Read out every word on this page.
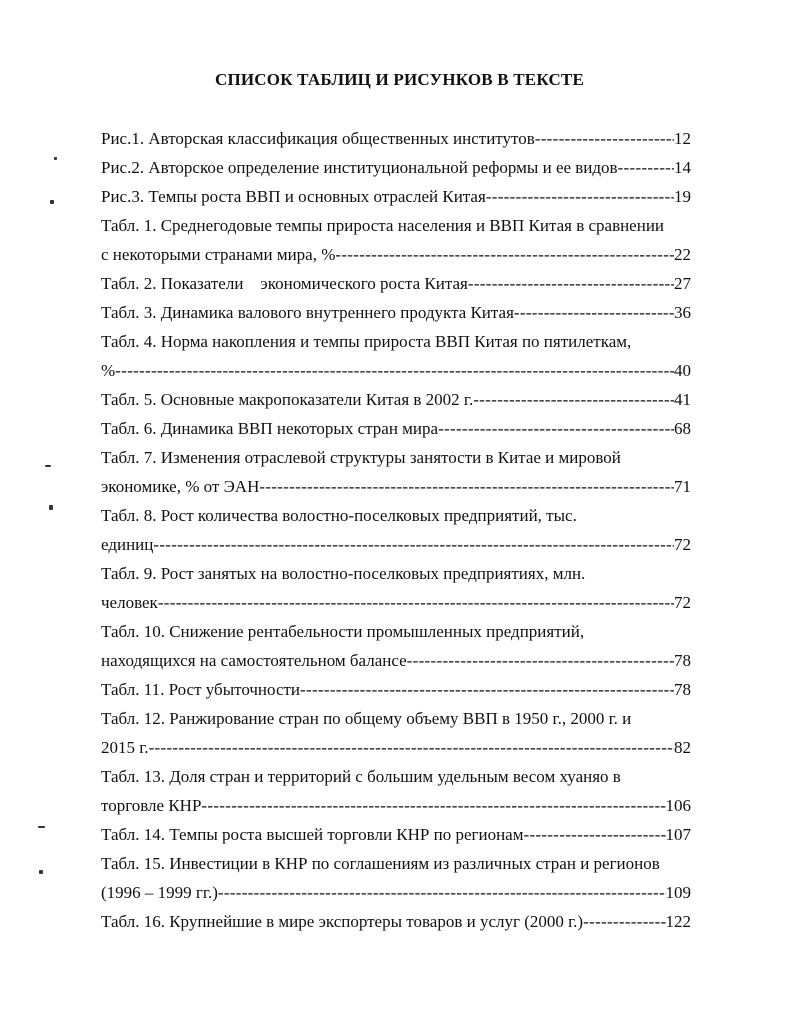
СПИСОК ТАБЛИЦ И РИСУНКОВ В ТЕКСТЕ
Рис.1. Авторская классификация общественных институтов -----	12
Рис.2. Авторское определение институциональной реформы и ее видов -----	14
Рис.3. Темпы роста ВВП и основных отраслей Китая -----	19
Табл. 1. Среднегодовые темпы прироста населения и ВВП Китая в сравнении
с некоторыми странами мира, % -----	22
Табл. 2. Показатели    экономического роста Китая -----	27
Табл. 3. Динамика валового внутреннего продукта Китая -----	36
Табл. 4. Норма накопления и темпы прироста ВВП Китая по пятилеткам,
% -----	40
Табл. 5. Основные макропоказатели Китая в 2002 г. -----	41
Табл. 6. Динамика ВВП некоторых стран мира -----	68
Табл. 7. Изменения отраслевой структуры занятости в Китае и мировой
экономике, % от ЭАН -----	71
Табл. 8. Рост количества волостно-поселковых предприятий, тыс.
единиц -----	72
Табл. 9. Рост занятых на волостно-поселковых предприятиях, млн.
человек -----	72
Табл. 10. Снижение рентабельности промышленных предприятий,
находящихся на самостоятельном балансе -----	78
Табл. 11. Рост убыточности -----	78
Табл. 12. Ранжирование стран по общему объему ВВП в 1950 г., 2000 г. и
2015 г. -----	82
Табл. 13. Доля стран и территорий с большим удельным весом хуаняо в
торговле КНР -----	106
Табл. 14. Темпы роста высшей торговли КНР по регионам -----	107
Табл. 15. Инвестиции в КНР по соглашениям из различных стран и регионов
(1996 – 1999 гг.) -----	109
Табл. 16. Крупнейшие в мире экспортеры товаров и услуг (2000 г.) -----	122
